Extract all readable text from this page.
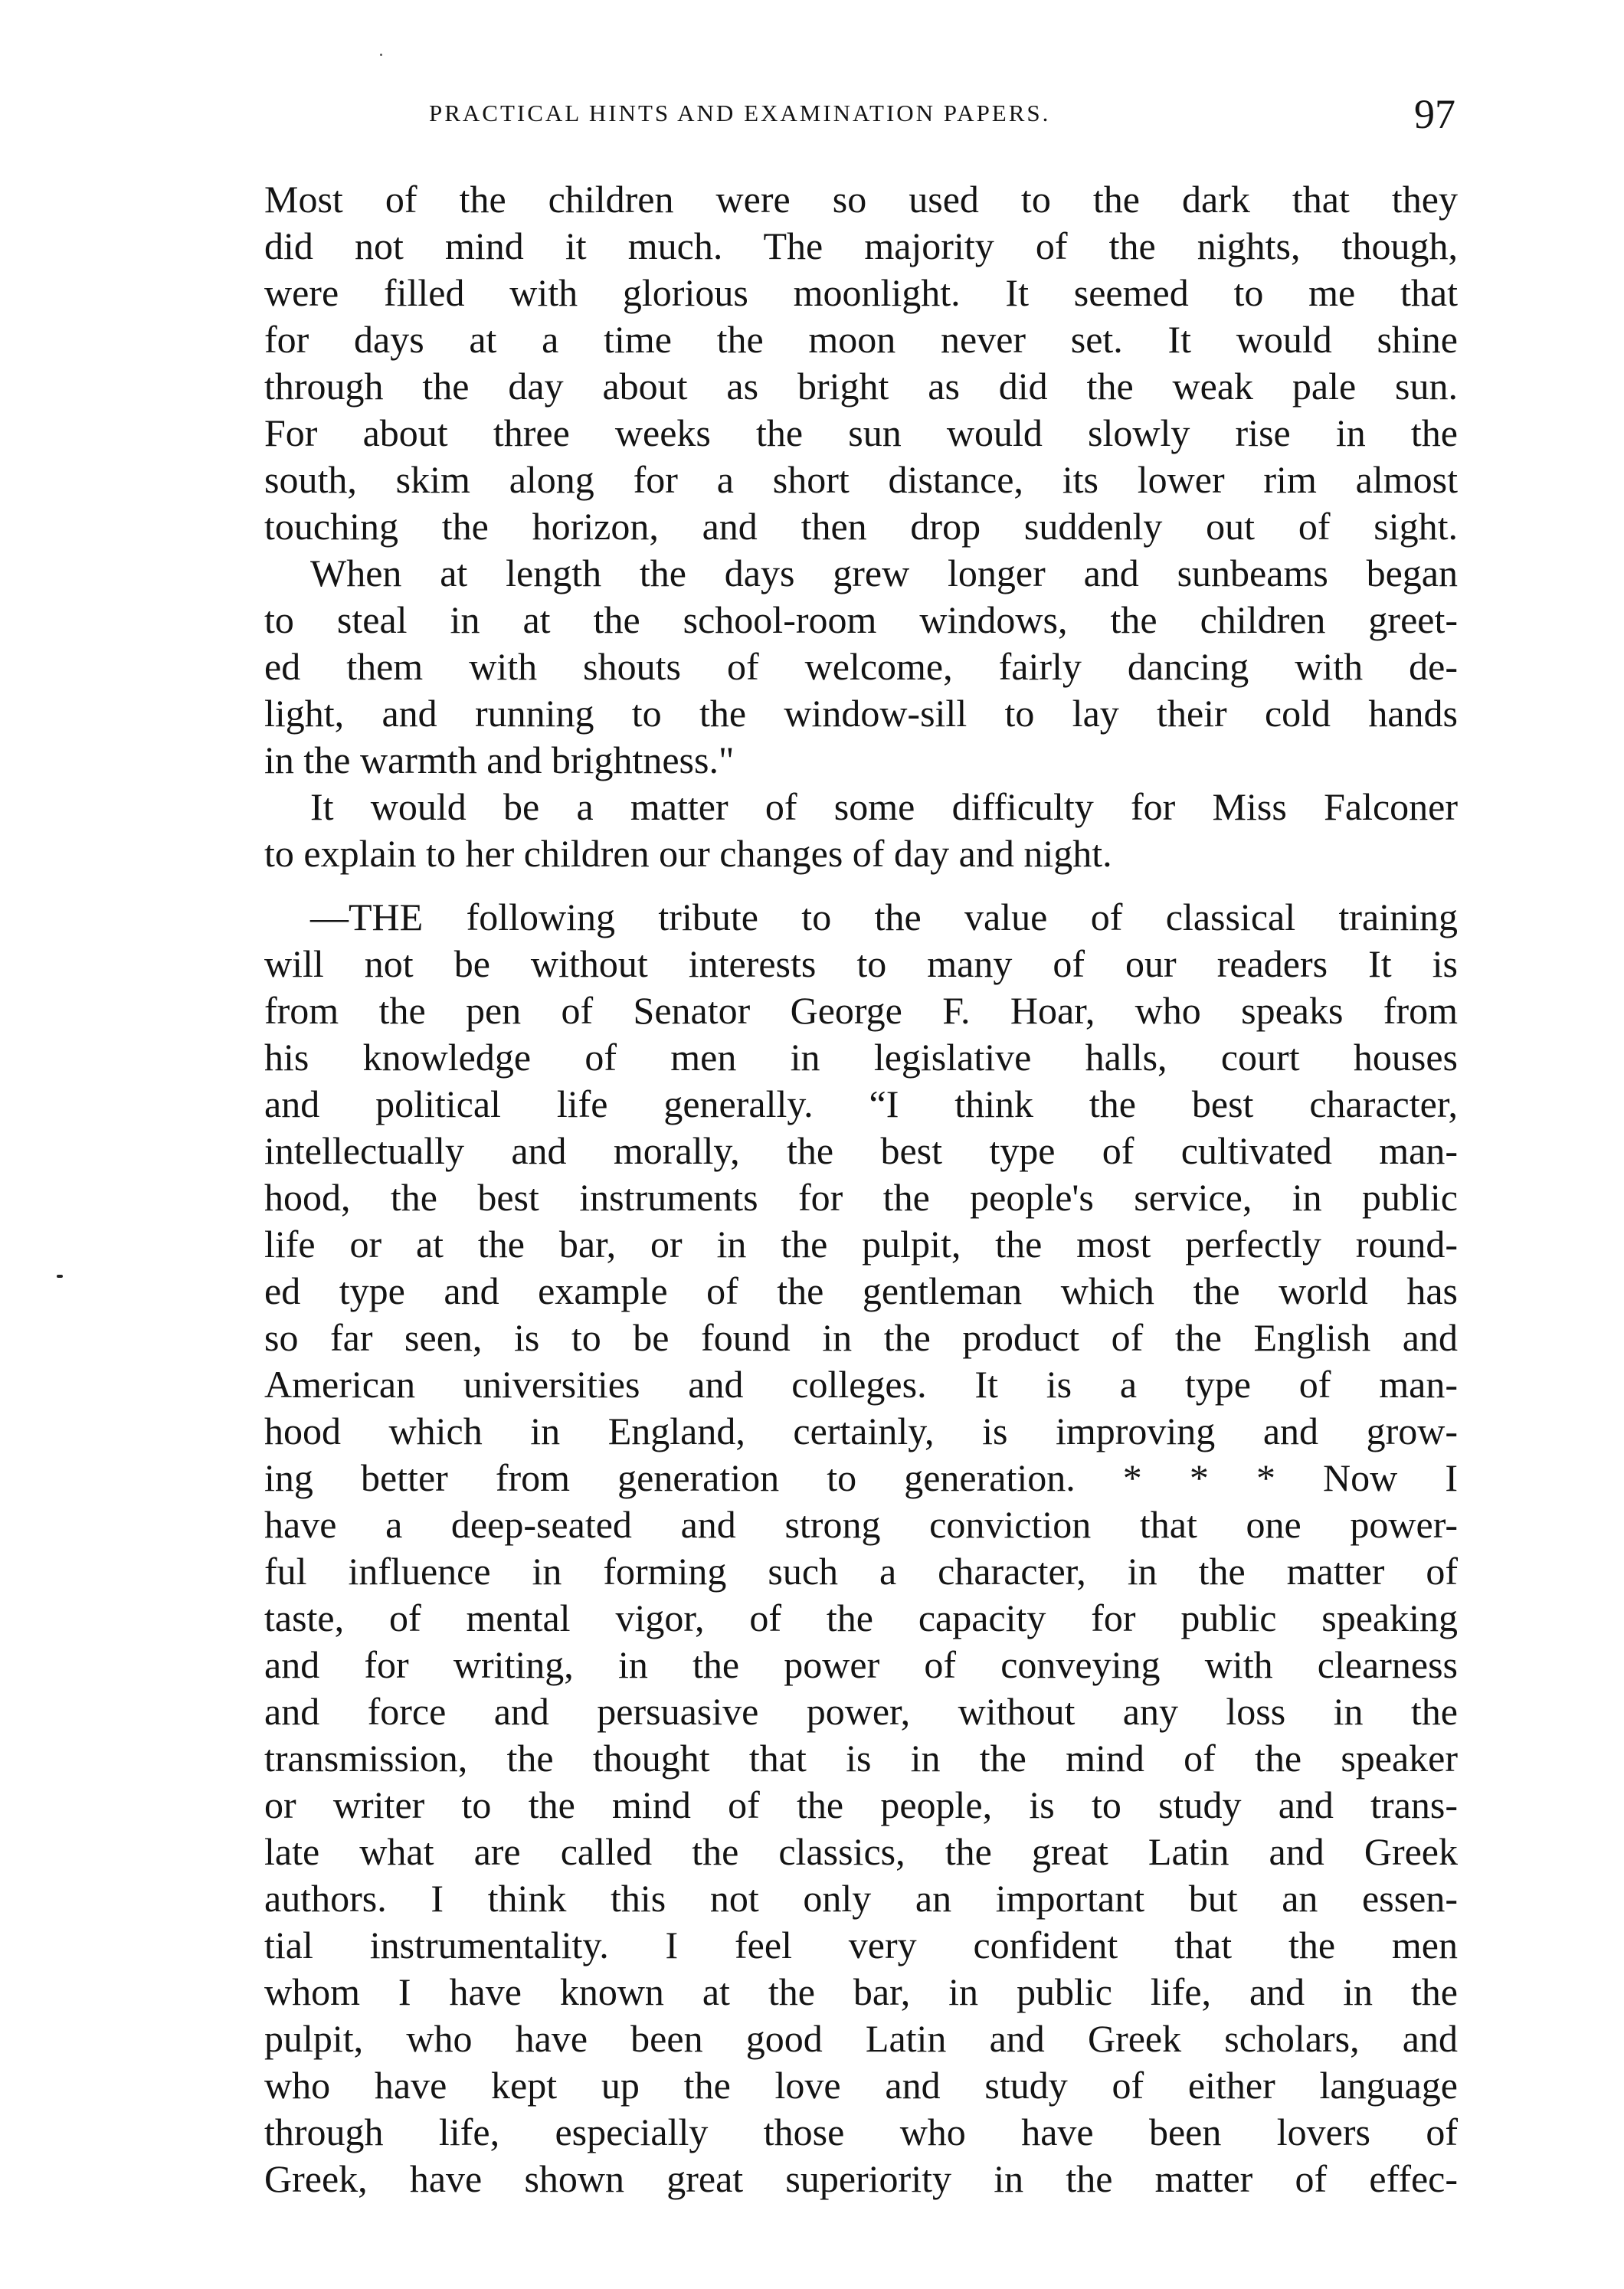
PRACTICAL HINTS AND EXAMINATION PAPERS.	97
Most of the children were so used to the dark that they
did not mind it much. The majority of the nights, though,
were filled with glorious moonlight. It seemed to me that
for days at a time the moon never set. It would shine
through the day about as bright as did the weak pale sun.
For about three weeks the sun would slowly rise in the
south, skim along for a short distance, its lower rim almost
touching the horizon, and then drop suddenly out of sight.
When at length the days grew longer and sunbeams began
to steal in at the school-room windows, the children greet-
ed them with shouts of welcome, fairly dancing with de-
light, and running to the window-sill to lay their cold hands
in the warmth and brightness."
It would be a matter of some difficulty for Miss Falconer
to explain to her children our changes of day and night.
—THE following tribute to the value of classical training
will not be without interests to many of our readers It is
from the pen of Senator George F. Hoar, who speaks from
his knowledge of men in legislative halls, court houses
and political life generally. “I think the best character,
intellectually and morally, the best type of cultivated man-
hood, the best instruments for the people's service, in public
life or at the bar, or in the pulpit, the most perfectly round-
ed type and example of the gentleman which the world has
so far seen, is to be found in the product of the English and
American universities and colleges. It is a type of man-
hood which in England, certainly, is improving and grow-
ing better from generation to generation. * * * Now I
have a deep-seated and strong conviction that one power-
ful influence in forming such a character, in the matter of
taste, of mental vigor, of the capacity for public speaking
and for writing, in the power of conveying with clearness
and force and persuasive power, without any loss in the
transmission, the thought that is in the mind of the speaker
or writer to the mind of the people, is to study and trans-
late what are called the classics, the great Latin and Greek
authors. I think this not only an important but an essen-
tial instrumentality. I feel very confident that the men
whom I have known at the bar, in public life, and in the
pulpit, who have been good Latin and Greek scholars, and
who have kept up the love and study of either language
through life, especially those who have been lovers of
Greek, have shown great superiority in the matter of effec-
